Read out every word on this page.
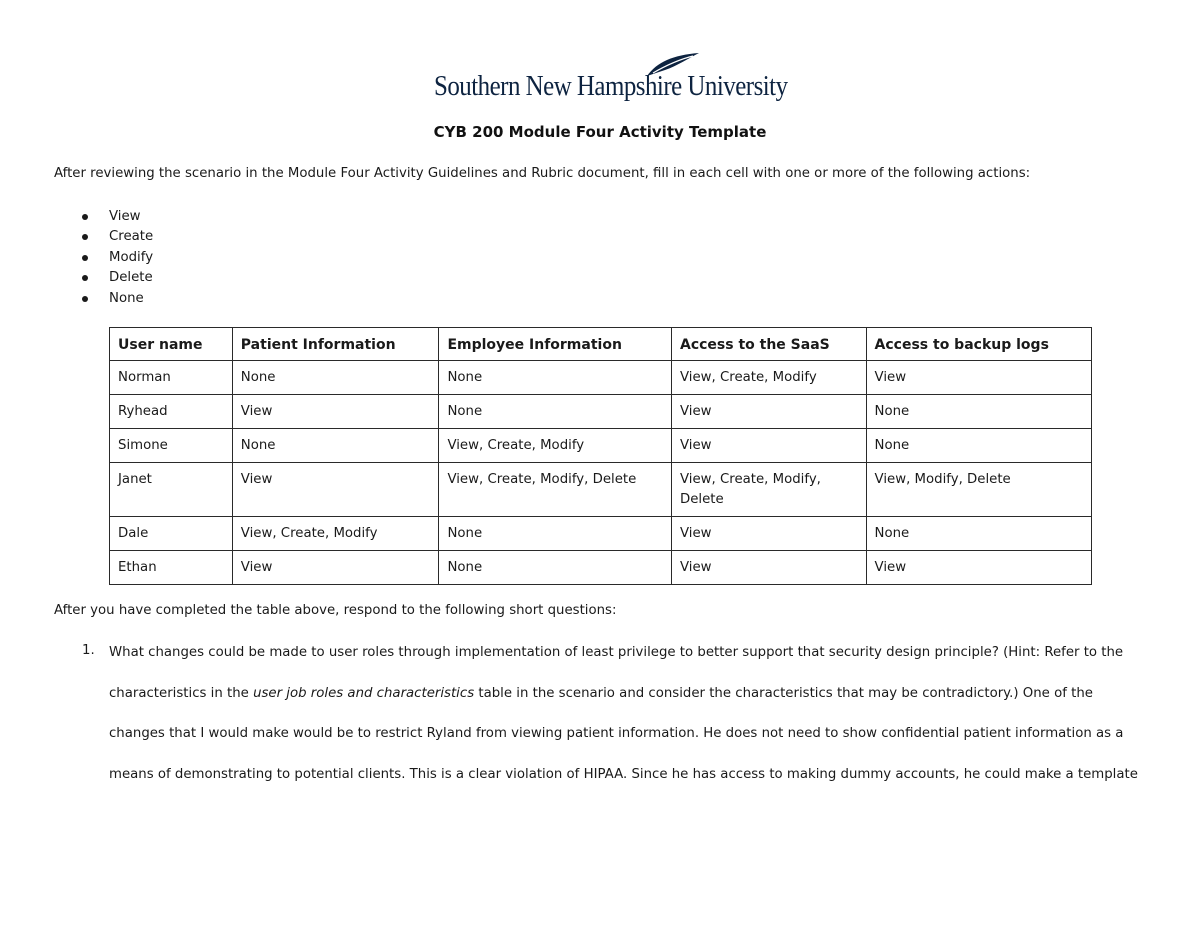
Southern New Hampshire University
CYB 200 Module Four Activity Template
After reviewing the scenario in the Module Four Activity Guidelines and Rubric document, fill in each cell with one or more of the following actions:
View
Create
Modify
Delete
None
User name	Patient Information	Employee Information	Access to the SaaS	Access to backup logs
Norman	None	None	View, Create, Modify	View
Ryhead	View	None	View	None
Simone	None	View, Create, Modify	View	None
Janet	View	View, Create, Modify, Delete	View, Create, Modify, Delete	View, Modify, Delete
Dale	View, Create, Modify	None	View	None
Ethan	View	None	View	View
After you have completed the table above, respond to the following short questions:
1. What changes could be made to user roles through implementation of least privilege to better support that security design principle? (Hint: Refer to the
characteristics in the user job roles and characteristics table in the scenario and consider the characteristics that may be contradictory.) One of the
changes that I would make would be to restrict Ryland from viewing patient information. He does not need to show confidential patient information as a
means of demonstrating to potential clients. This is a clear violation of HIPAA. Since he has access to making dummy accounts, he could make a template
